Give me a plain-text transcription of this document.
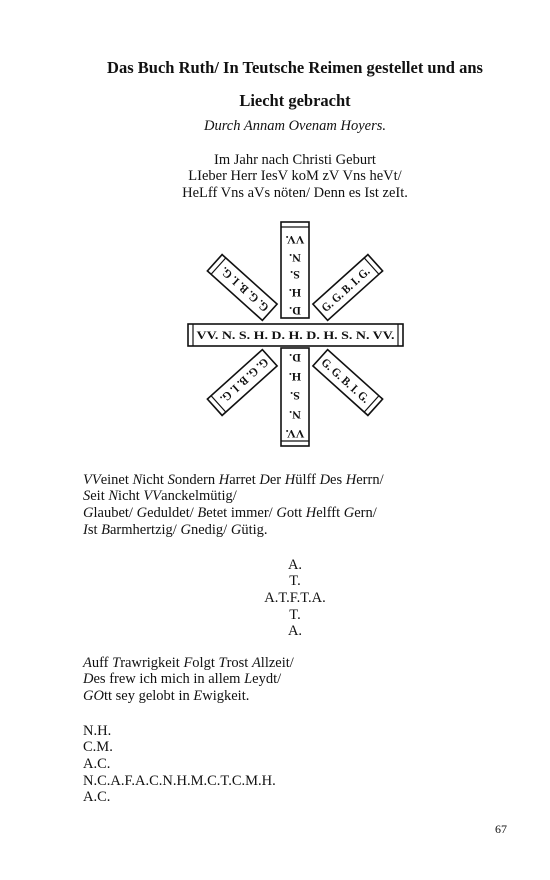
Das Buch Ruth/ In Teutsche Reimen gestellet und ans
Liecht gebracht
Durch Annam Ovenam Hoyers.
Im Jahr nach Christi Geburt
LIeber Herr IesV koM zV Vns heVt/
HeLff Vns aVs nöten/ Denn es Ist zeIt.
VV.
N.
S.
H.
D.
D.
H.
S.
N.
VV.
G. G. B. I. G.	G. G. B. I. G.
G. G. B. I. G.
G. G. B. I. G.
VV. N. S. H. D. H. D. H. S. N. VV.
VVeinet Nicht Sondern Harret Der Hülff Des Herrn/
Seit Nicht VVanckelmütig/
Glaubet/ Geduldet/ Betet immer/ Gott Helfft Gern/
Ist Barmhertzig/ Gnedig/ Gütig.
A.
T.
A.T.F.T.A.
T.
A.
Auff Trawrigkeit Folgt Trost Allzeit/
Des frew ich mich in allem Leydt/
GOtt sey gelobt in Ewigkeit.
N.H.
C.M.
A.C.
N.C.A.F.A.C.N.H.M.C.T.C.M.H.
A.C.
67
